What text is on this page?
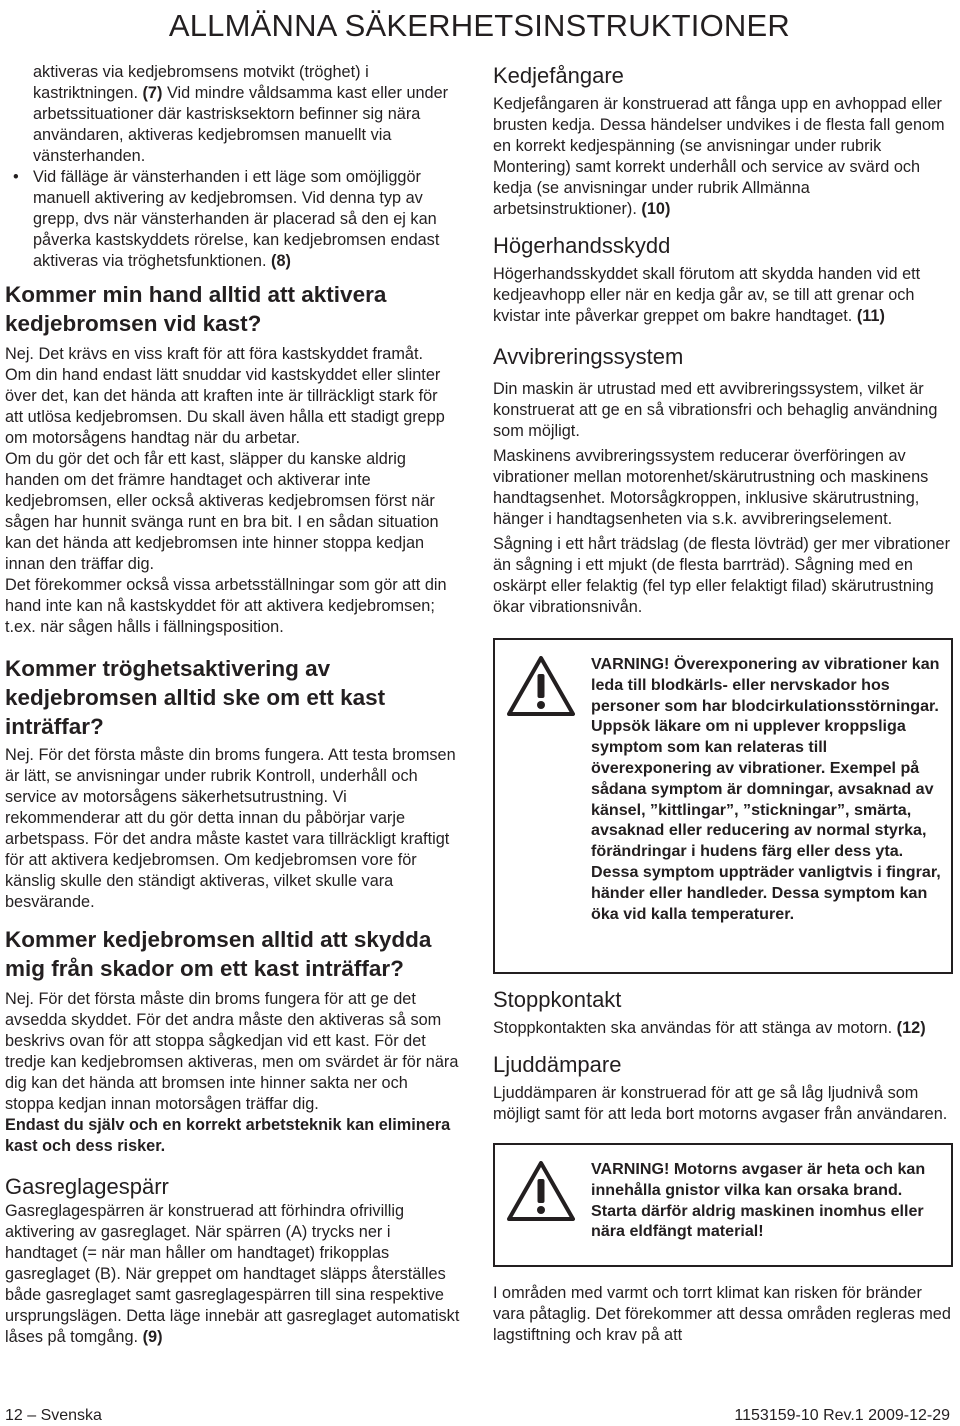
ALLMÄNNA SÄKERHETSINSTRUKTIONER

aktiveras via kedjebromsens motvikt (tröghet) i kastriktningen. (7) Vid mindre våldsamma kast eller under arbetssituationer där kastrisksektorn befinner sig nära användaren, aktiveras kedjebromsen manuellt via vänsterhanden.

• Vid fälläge är vänsterhanden i ett läge som omöjliggör manuell aktivering av kedjebromsen. Vid denna typ av grepp, dvs när vänsterhanden är placerad så den ej kan påverka kastskyddets rörelse, kan kedjebromsen endast aktiveras via tröghetsfunktionen. (8)

Kommer min hand alltid att aktivera kedjebromsen vid kast?

Nej. Det krävs en viss kraft för att föra kastskyddet framåt.

Om din hand endast lätt snuddar vid kastskyddet eller slinter över det, kan det hända att kraften inte är tillräckligt stark för att utlösa kedjebromsen. Du skall även hålla ett stadigt grepp om motorsågens handtag när du arbetar.

Om du gör det och får ett kast, släpper du kanske aldrig handen om det främre handtaget och aktiverar inte kedjebromsen, eller också aktiveras kedjebromsen först när sågen har hunnit svänga runt en bra bit. I en sådan situation kan det hända att kedjebromsen inte hinner stoppa kedjan innan den träffar dig.

Det förekommer också vissa arbetsställningar som gör att din hand inte kan nå kastskyddet för att aktivera kedjebromsen; t.ex. när sågen hålls i fällningsposition.

Kommer tröghetsaktivering av kedjebromsen alltid ske om ett kast inträffar?

Nej. För det första måste din broms fungera. Att testa bromsen är lätt, se anvisningar under rubrik Kontroll, underhåll och service av motorsågens säkerhetsutrustning. Vi rekommenderar att du gör detta innan du påbörjar varje arbetspass. För det andra måste kastet vara tillräckligt kraftigt för att aktivera kedjebromsen. Om kedjebromsen vore för känslig skulle den ständigt aktiveras, vilket skulle vara besvärande.

Kommer kedjebromsen alltid att skydda mig från skador om ett kast inträffar?

Nej. För det första måste din broms fungera för att ge det avsedda skyddet. För det andra måste den aktiveras så som beskrivs ovan för att stoppa sågkedjan vid ett kast. För det tredje kan kedjebromsen aktiveras, men om svärdet är för nära dig kan det hända att bromsen inte hinner sakta ner och stoppa kedjan innan motorsågen träffar dig.

Endast du själv och en korrekt arbetsteknik kan eliminera kast och dess risker.

Gasreglagespärr

Gasreglagespärren är konstruerad att förhindra ofrivillig aktivering av gasreglaget. När spärren (A) trycks ner i handtaget (= när man håller om handtaget) frikopplas gasreglaget (B). När greppet om handtaget släpps återställes både gasreglaget samt gasreglagespärren till sina respektive ursprungslägen. Detta läge innebär att gasreglaget automatiskt låses på tomgång. (9)

Kedjefångare

Kedjefångaren är konstruerad att fånga upp en avhoppad eller brusten kedja. Dessa händelser undvikes i de flesta fall genom en korrekt kedjespänning (se anvisningar under rubrik Montering) samt korrekt underhåll och service av svärd och kedja (se anvisningar under rubrik Allmänna arbetsinstruktioner). (10)

Högerhandsskydd

Högerhandsskyddet skall förutom att skydda handen vid ett kedjeavhopp eller när en kedja går av, se till att grenar och kvistar inte påverkar greppet om bakre handtaget. (11)

Avvibreringssystem

Din maskin är utrustad med ett avvibreringssystem, vilket är konstruerat att ge en så vibrationsfri och behaglig användning som möjligt.

Maskinens avvibreringssystem reducerar överföringen av vibrationer mellan motorenhet/skärutrustning och maskinens handtagsenhet. Motorsågkroppen, inklusive skärutrustning, hänger i handtagsenheten via s.k. avvibreringselement.

Sågning i ett hårt trädslag (de flesta lövträd) ger mer vibrationer än sågning i ett mjukt (de flesta barrträd). Sågning med en oskärpt eller felaktig (fel typ eller felaktigt filad) skärutrustning ökar vibrationsnivån.

VARNING! Överexponering av vibrationer kan leda till blodkärls- eller nervskador hos personer som har blodcirkulationsstörningar. Uppsök läkare om ni upplever kroppsliga symptom som kan relateras till överexponering av vibrationer. Exempel på sådana symptom är domningar, avsaknad av känsel, ”kittlingar”, ”stickningar”, smärta, avsaknad eller reducering av normal styrka, förändringar i hudens färg eller dess yta. Dessa symptom uppträder vanligtvis i fingrar, händer eller handleder. Dessa symptom kan öka vid kalla temperaturer.

Stoppkontakt

Stoppkontakten ska användas för att stänga av motorn. (12)

Ljuddämpare

Ljuddämparen är konstruerad för att ge så låg ljudnivå som möjligt samt för att leda bort motorns avgaser från användaren.

VARNING! Motorns avgaser är heta och kan innehålla gnistor vilka kan orsaka brand. Starta därför aldrig maskinen inomhus eller nära eldfängt material!

I områden med varmt och torrt klimat kan risken för bränder vara påtaglig. Det förekommer att dessa områden regleras med lagstiftning och krav på att

12 – Svenska	1153159-10 Rev.1 2009-12-29
